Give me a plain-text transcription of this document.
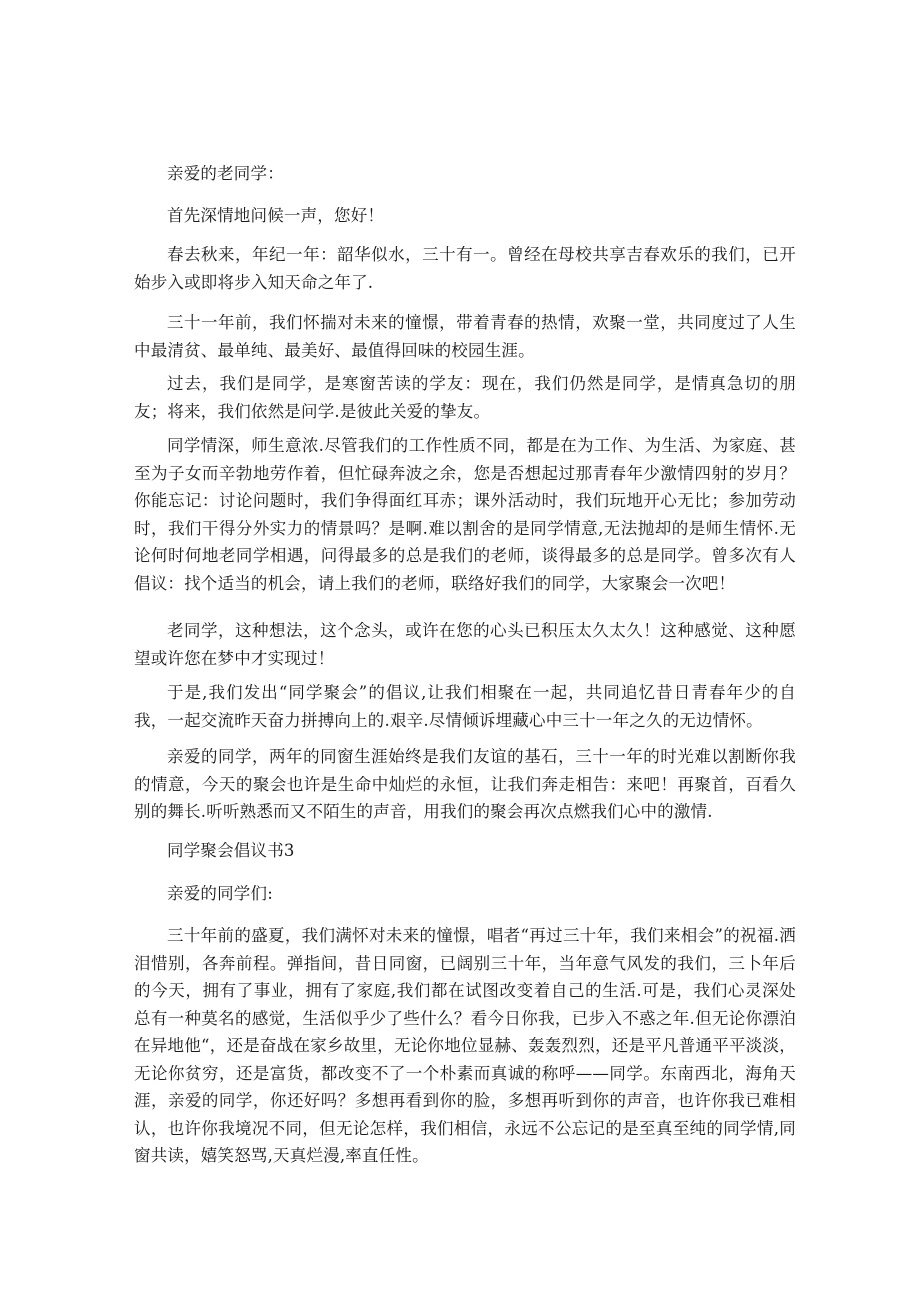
亲爱的老同学：

首先深情地问候一声，您好！

春去秋来，年纪一年：韶华似水，三十有一。曾经在母校共享吉春欢乐的我们，已开始步入或即将步入知天命之年了.

三十一年前，我们怀揣对未来的憧憬，带着青春的热情，欢聚一堂，共同度过了人生中最清贫、最单纯、最美好、最值得回味的校园生涯。

过去，我们是同学，是寒窗苦读的学友：现在，我们仍然是同学，是情真急切的朋友；将来，我们依然是问学.是彼此关爱的挚友。

同学情深，师生意浓.尽管我们的工作性质不同，都是在为工作、为生活、为家庭、甚至为子女而辛勃地劳作着，但忙碌奔波之余，您是否想起过那青春年少激情四射的岁月？你能忘记：讨论问题时，我们争得面红耳赤；课外活动时，我们玩地开心无比；参加劳动时，我们干得分外实力的情景吗？是啊.难以割舍的是同学情意,无法抛却的是师生情怀.无论何时何地老同学相遇，问得最多的总是我们的老师，谈得最多的总是同学。曾多次有人倡议：找个适当的机会，请上我们的老师，联络好我们的同学，大家聚会一次吧！

老同学，这种想法，这个念头，或许在您的心头已积压太久太久！这种感觉、这种愿望或许您在梦中才实现过！

于是,我们发出“同学聚会”的倡议,让我们相聚在一起，共同追忆昔日青春年少的自我，一起交流昨天奋力拼搏向上的.艰辛.尽情倾诉埋藏心中三十一年之久的无边情怀。

亲爱的同学，两年的同窗生涯始终是我们友谊的基石，三十一年的时光难以割断你我的情意，今天的聚会也许是生命中灿烂的永恒，让我们奔走相告：来吧！再聚首，百看久别的舞长.听听熟悉而又不陌生的声音，用我们的聚会再次点燃我们心中的激情.

同学聚会倡议书3

亲爱的同学们:

三十年前的盛夏，我们满怀对未来的憧憬，唱者“再过三十年，我们来相会”的祝福.洒泪惜别，各奔前程。弹指间，昔日同窗，已阔别三十年，当年意气风发的我们，三卜年后的今天，拥有了事业，拥有了家庭,我们都在试图改变着自己的生活.可是，我们心灵深处总有一种莫名的感觉，生活似乎少了些什么？看今日你我，已步入不惑之年.但无论你漂泊在异地他“，还是奋战在家乡故里，无论你地位显赫、轰轰烈烈，还是平凡普通平平淡淡，无论你贫穷，还是富货，都改变不了一个朴素而真诚的称呼——同学。东南西北，海角天涯，亲爱的同学，你还好吗？多想再看到你的脸，多想再听到你的声音，也许你我已难相认，也许你我境况不同，但无论怎样，我们相信，永远不公忘记的是至真至纯的同学情,同窗共读，嬉笑怒骂,天真烂漫,率直任性。
